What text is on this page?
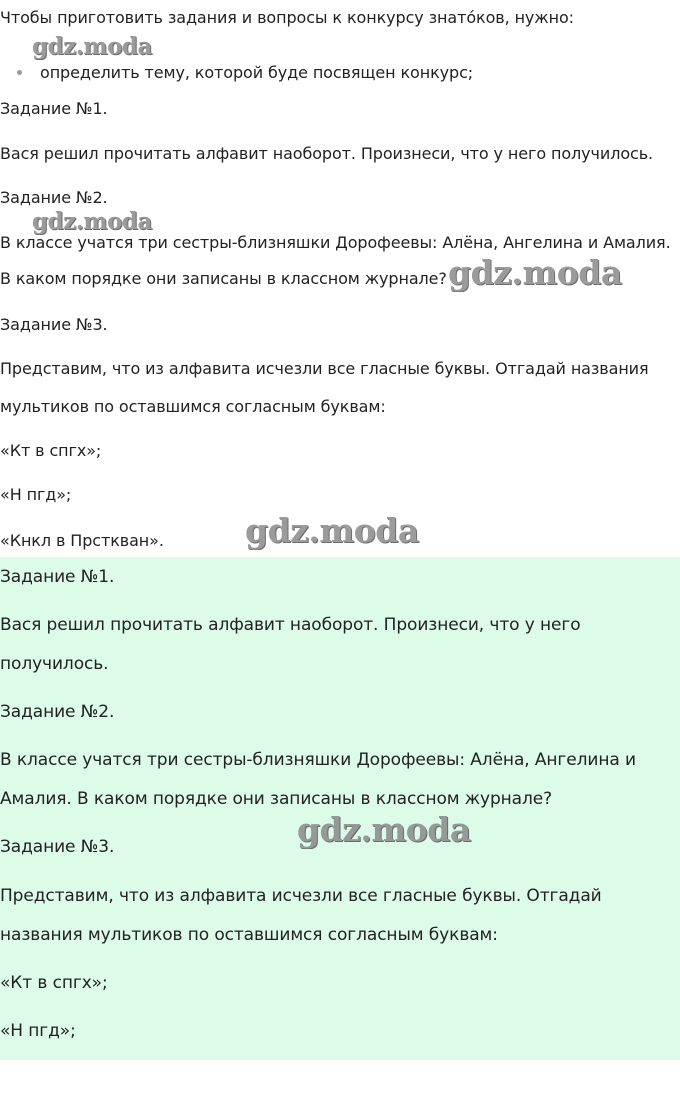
Чтобы приготовить задания и вопросы к конкурсу знатóков, нужно:
gdz.moda
определить тему, которой буде посвящен конкурс;
Задание №1.
Вася решил прочитать алфавит наоборот. Произнеси, что у него получилось.
Задание №2.
gdz.moda
В классе учатся три сестры-близняшки Дорофеевы: Алёна, Ангелина и Амалия.
В каком порядке они записаны в классном журнале? gdz.moda
Задание №3.
Представим, что из алфавита исчезли все гласные буквы. Отгадай названия
мультиков по оставшимся согласным буквам:
«Кт в спгх»;
«Н пгд»;
«Кнкл в Прсткван». gdz.moda
Задание №1.
Вася решил прочитать алфавит наоборот. Произнеси, что у него
получилось.
Задание №2.
В классе учатся три сестры-близняшки Дорофеевы: Алёна, Ангелина и
Амалия. В каком порядке они записаны в классном журнале?
gdz.moda
Задание №3.
Представим, что из алфавита исчезли все гласные буквы. Отгадай
названия мультиков по оставшимся согласным буквам:
«Кт в спгх»;
«Н пгд»;
